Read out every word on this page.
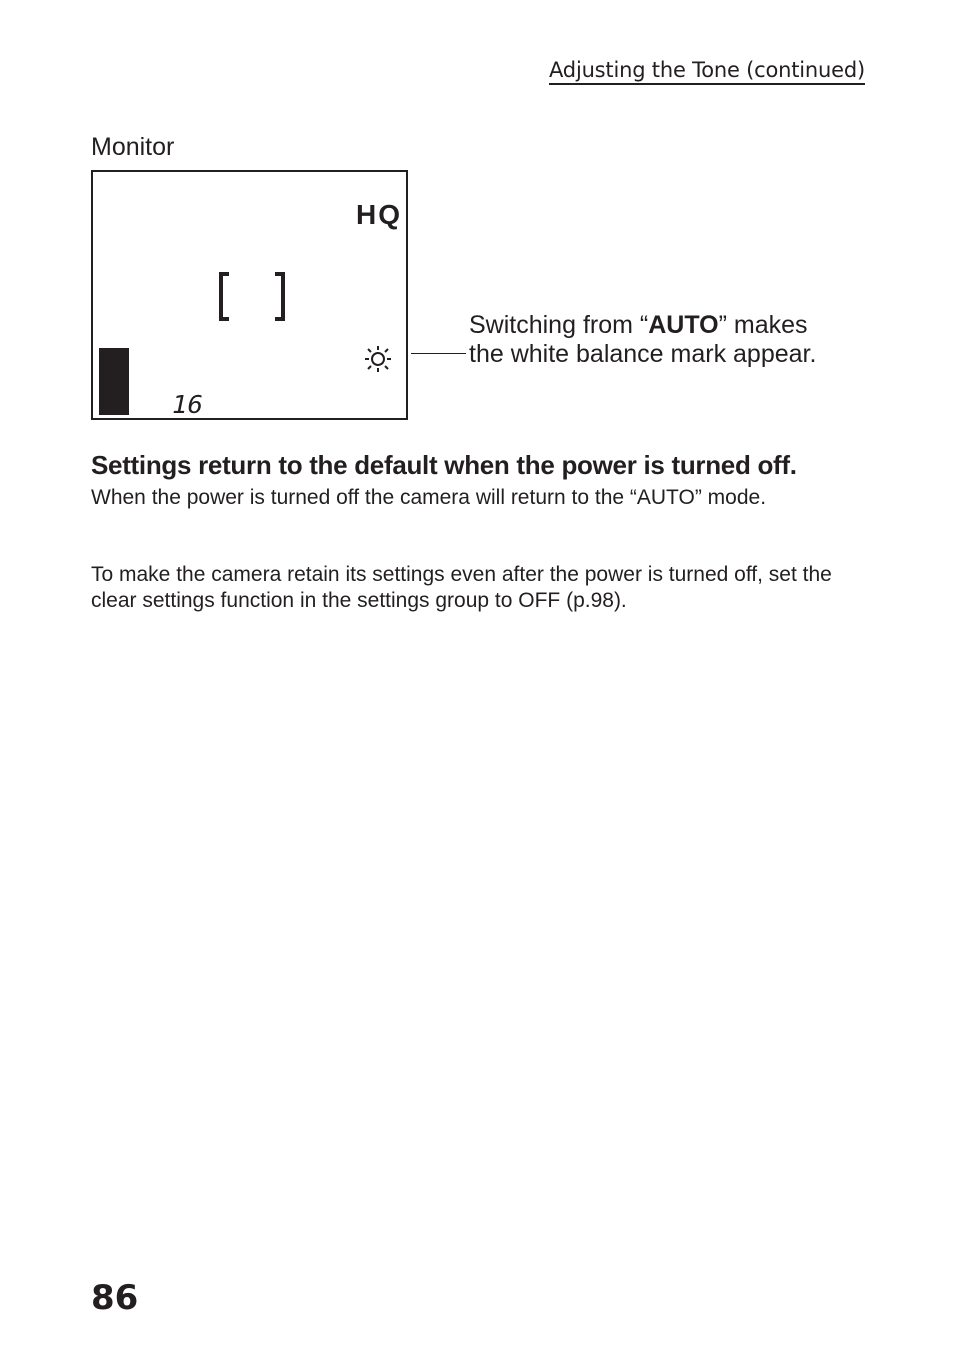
Adjusting the Tone (continued)
Monitor
HQ
16
Switching from “AUTO” makes the white balance mark appear.
Settings return to the default when the power is turned off.
When the power is turned off the camera will return to the “AUTO” mode.
To make the camera retain its settings even after the power is turned off, set the clear settings function in the settings group to OFF (p.98).
86
